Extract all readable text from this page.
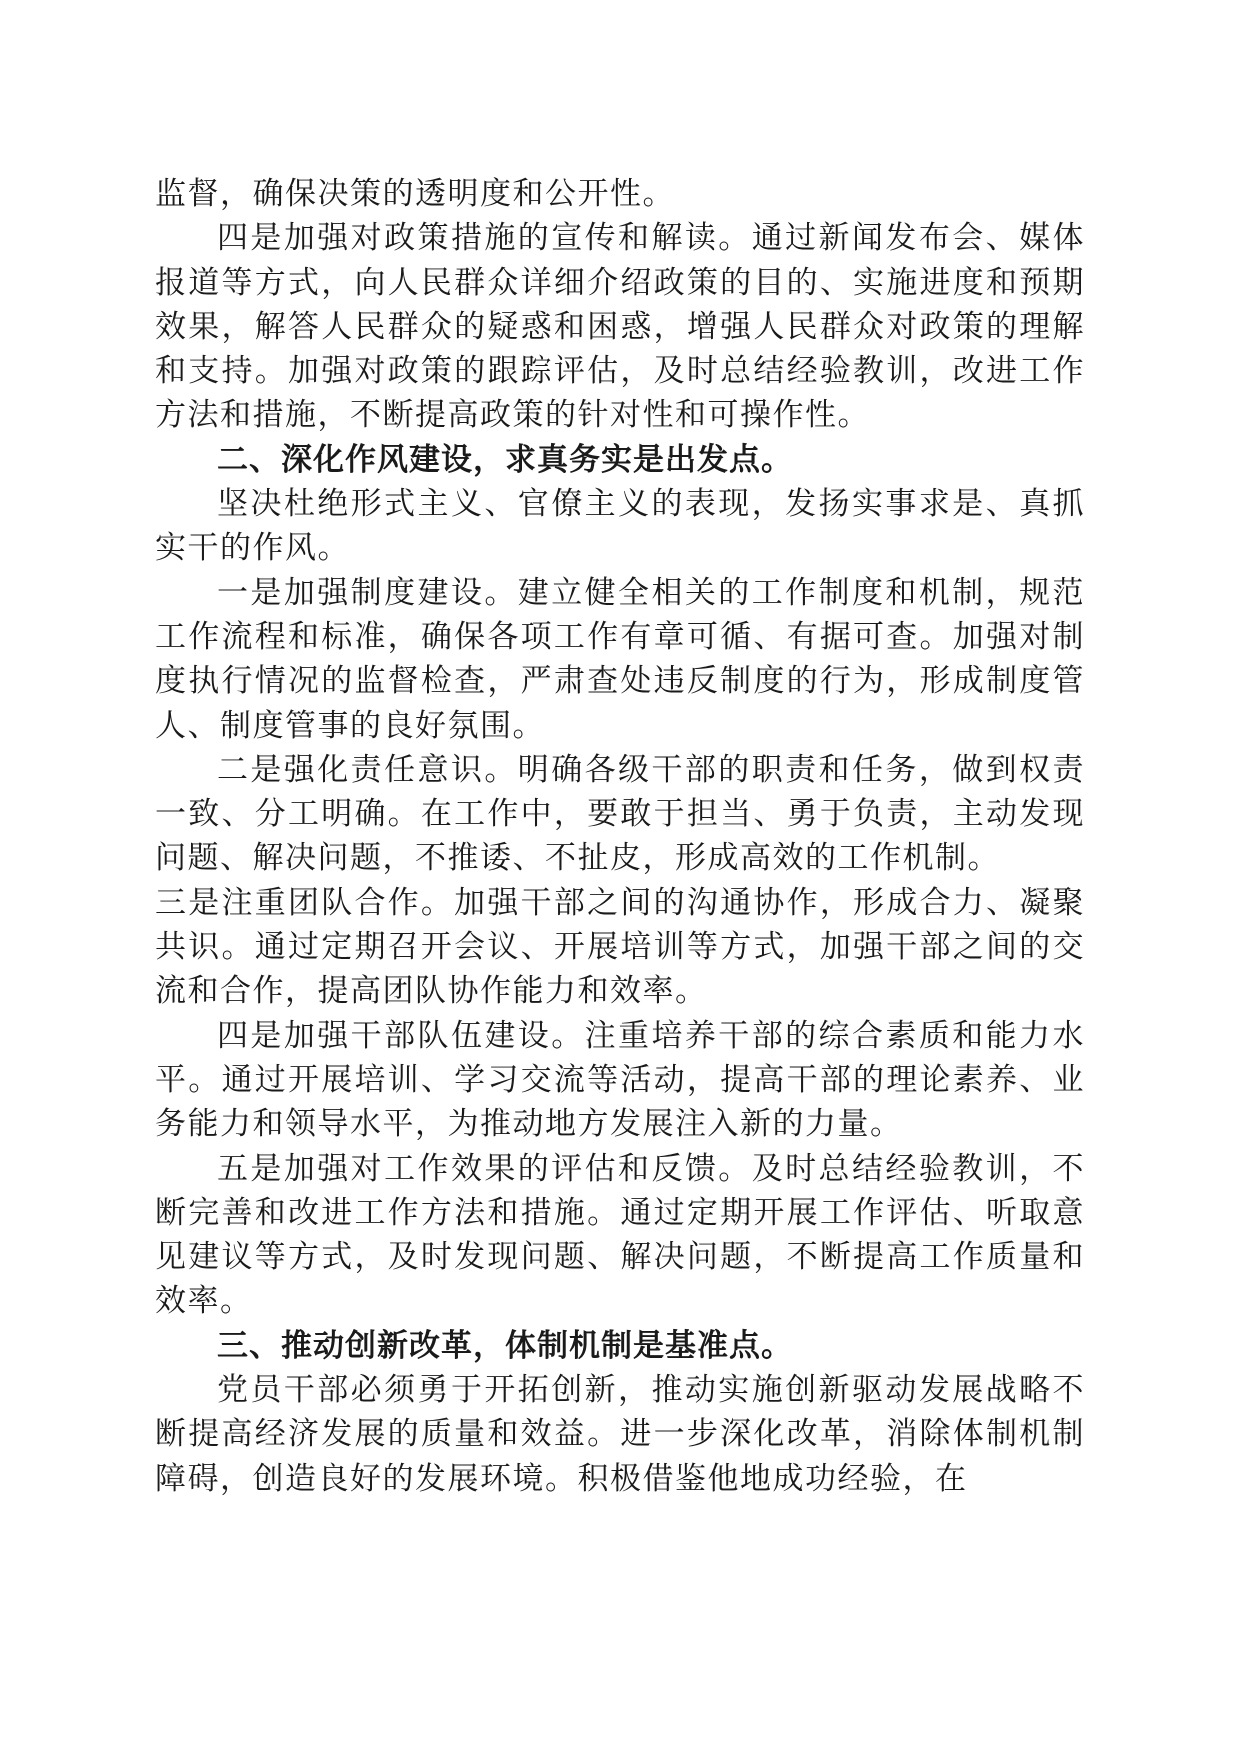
监督，确保决策的透明度和公开性。

四是加强对政策措施的宣传和解读。通过新闻发布会、媒体报道等方式，向人民群众详细介绍政策的目的、实施进度和预期效果，解答人民群众的疑惑和困惑，增强人民群众对政策的理解和支持。加强对政策的跟踪评估，及时总结经验教训，改进工作方法和措施，不断提高政策的针对性和可操作性。

二、深化作风建设，求真务实是出发点。

坚决杜绝形式主义、官僚主义的表现，发扬实事求是、真抓实干的作风。

一是加强制度建设。建立健全相关的工作制度和机制，规范工作流程和标准，确保各项工作有章可循、有据可查。加强对制度执行情况的监督检查，严肃查处违反制度的行为，形成制度管人、制度管事的良好氛围。

二是强化责任意识。明确各级干部的职责和任务，做到权责一致、分工明确。在工作中，要敢于担当、勇于负责，主动发现问题、解决问题，不推诿、不扯皮，形成高效的工作机制。

三是注重团队合作。加强干部之间的沟通协作，形成合力、凝聚共识。通过定期召开会议、开展培训等方式，加强干部之间的交流和合作，提高团队协作能力和效率。

四是加强干部队伍建设。注重培养干部的综合素质和能力水平。通过开展培训、学习交流等活动，提高干部的理论素养、业务能力和领导水平，为推动地方发展注入新的力量。

五是加强对工作效果的评估和反馈。及时总结经验教训，不断完善和改进工作方法和措施。通过定期开展工作评估、听取意见建议等方式，及时发现问题、解决问题，不断提高工作质量和效率。

三、推动创新改革，体制机制是基准点。

党员干部必须勇于开拓创新，推动实施创新驱动发展战略不断提高经济发展的质量和效益。进一步深化改革，消除体制机制障碍，创造良好的发展环境。积极借鉴他地成功经验，在
